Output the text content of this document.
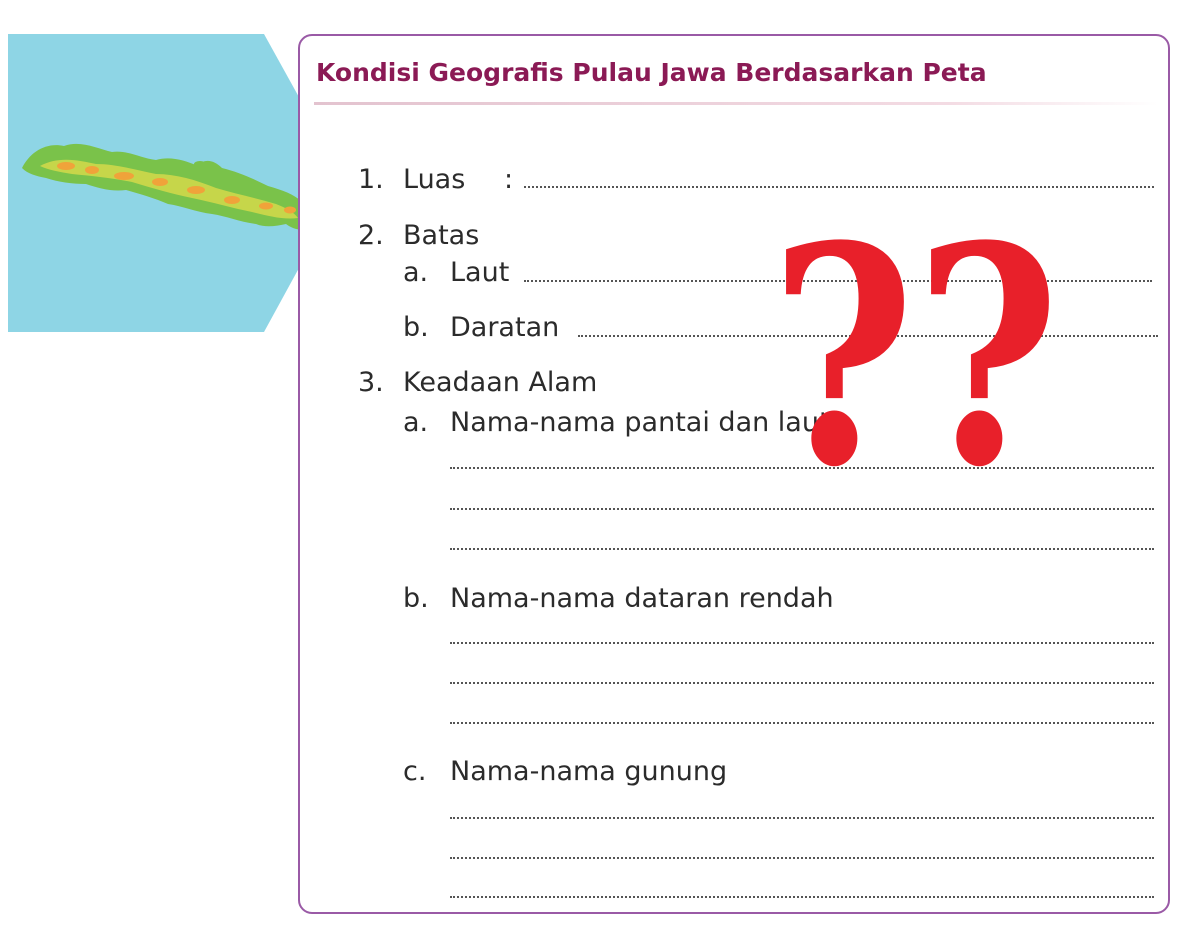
Kondisi Geografis Pulau Jawa Berdasarkan Peta
1. Luas :
2. Batas
a. Laut
b. Daratan
3. Keadaan Alam
a. Nama-nama pantai dan laut
b. Nama-nama dataran rendah
c. Nama-nama gunung
??
